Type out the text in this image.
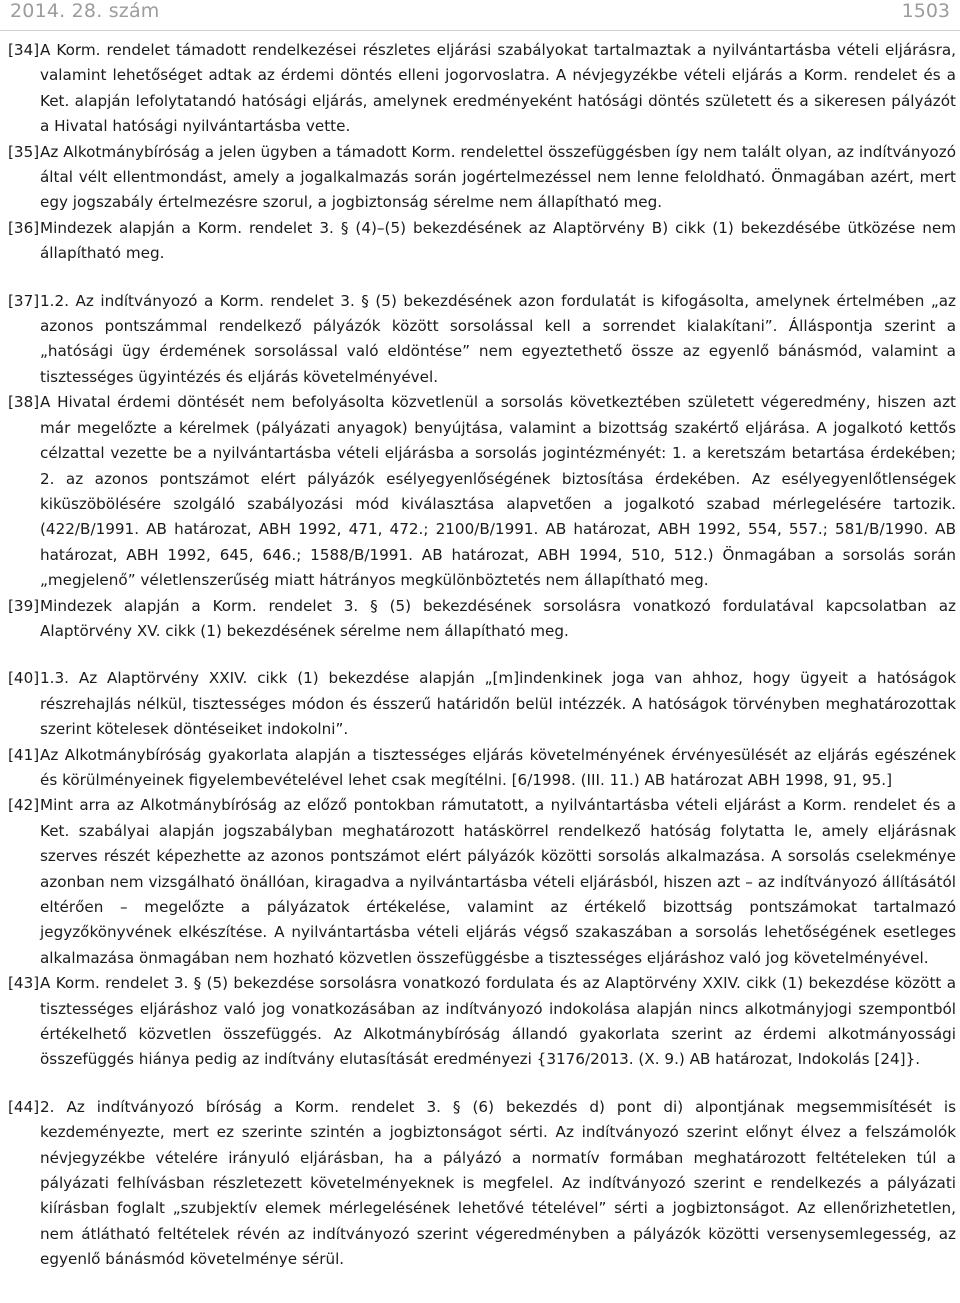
2014. 28. szám	1503
[34] A Korm. rendelet támadott rendelkezései részletes eljárási szabályokat tartalmaztak a nyilvántartásba vételi eljárásra, valamint lehetőséget adtak az érdemi döntés elleni jogorvoslatra. A névjegyzékbe vételi eljárás a Korm. rendelet és a Ket. alapján lefolytatandó hatósági eljárás, amelynek eredményeként hatósági döntés született és a sikeresen pályázót a Hivatal hatósági nyilvántartásba vette.
[35] Az Alkotmánybíróság a jelen ügyben a támadott Korm. rendelettel összefüggésben így nem talált olyan, az indítványozó által vélt ellentmondást, amely a jogalkalmazás során jogértelmezéssel nem lenne feloldható. Önmagában azért, mert egy jogszabály értelmezésre szorul, a jogbiztonság sérelme nem állapítható meg.
[36] Mindezek alapján a Korm. rendelet 3. § (4)–(5) bekezdésének az Alaptörvény B) cikk (1) bekezdésébe ütközése nem állapítható meg.
[37] 1.2. Az indítványozó a Korm. rendelet 3. § (5) bekezdésének azon fordulatát is kifogásolta, amelynek értelmében „az azonos pontszámmal rendelkező pályázók között sorsolással kell a sorrendet kialakítani”. Álláspontja szerint a „hatósági ügy érdemének sorsolással való eldöntése” nem egyeztethető össze az egyenlő bánásmód, valamint a tisztességes ügyintézés és eljárás követelményével.
[38] A Hivatal érdemi döntését nem befolyásolta közvetlenül a sorsolás következtében született végeredmény, hiszen azt már megelőzte a kérelmek (pályázati anyagok) benyújtása, valamint a bizottság szakértő eljárása. A jogalkotó kettős célzattal vezette be a nyilvántartásba vételi eljárásba a sorsolás jogintézményét: 1. a keretszám betartása érdekében; 2. az azonos pontszámot elért pályázók esélyegyenlőségének biztosítása érdekében. Az esélyegyenlőtlenségek kiküszöbölésére szolgáló szabályozási mód kiválasztása alapvetően a jogalkotó szabad mérlegelésére tartozik. (422/B/1991. AB határozat, ABH 1992, 471, 472.; 2100/B/1991. AB határozat, ABH 1992, 554, 557.; 581/B/1990. AB határozat, ABH 1992, 645, 646.; 1588/B/1991. AB határozat, ABH 1994, 510, 512.) Önmagában a sorsolás során „megjelenő” véletlenszerűség miatt hátrányos megkülönböztetés nem állapítható meg.
[39] Mindezek alapján a Korm. rendelet 3. § (5) bekezdésének sorsolásra vonatkozó fordulatával kapcsolatban az Alaptörvény XV. cikk (1) bekezdésének sérelme nem állapítható meg.
[40] 1.3. Az Alaptörvény XXIV. cikk (1) bekezdése alapján „[m]indenkinek joga van ahhoz, hogy ügyeit a hatóságok részrehajlás nélkül, tisztességes módon és ésszerű határidőn belül intézzék. A hatóságok törvényben meghatározottak szerint kötelesek döntéseiket indokolni”.
[41] Az Alkotmánybíróság gyakorlata alapján a tisztességes eljárás követelményének érvényesülését az eljárás egészének és körülményeinek figyelembevételével lehet csak megítélni. [6/1998. (III. 11.) AB határozat ABH 1998, 91, 95.]
[42] Mint arra az Alkotmánybíróság az előző pontokban rámutatott, a nyilvántartásba vételi eljárást a Korm. rendelet és a Ket. szabályai alapján jogszabályban meghatározott hatáskörrel rendelkező hatóság folytatta le, amely eljárásnak szerves részét képezhette az azonos pontszámot elért pályázók közötti sorsolás alkalmazása. A sorsolás cselekménye azonban nem vizsgálható önállóan, kiragadva a nyilvántartásba vételi eljárásból, hiszen azt – az indítványozó állításától eltérően – megelőzte a pályázatok értékelése, valamint az értékelő bizottság pontszámokat tartalmazó jegyzőkönyvének elkészítése. A nyilvántartásba vételi eljárás végső szakaszában a sorsolás lehetőségének esetleges alkalmazása önmagában nem hozható közvetlen összefüggésbe a tisztességes eljáráshoz való jog követelményével.
[43] A Korm. rendelet 3. § (5) bekezdése sorsolásra vonatkozó fordulata és az Alaptörvény XXIV. cikk (1) bekezdése között a tisztességes eljáráshoz való jog vonatkozásában az indítványozó indokolása alapján nincs alkotmányjogi szempontból értékelhető közvetlen összefüggés. Az Alkotmánybíróság állandó gyakorlata szerint az érdemi alkotmányossági összefüggés hiánya pedig az indítvány elutasítását eredményezi {3176/2013. (X. 9.) AB határozat, Indokolás [24]}.
[44] 2. Az indítványozó bíróság a Korm. rendelet 3. § (6) bekezdés d) pont di) alpontjának megsemmisítését is kezdeményezte, mert ez szerinte szintén a jogbiztonságot sérti. Az indítványozó szerint előnyt élvez a felszámolók névjegyzékbe vételére irányuló eljárásban, ha a pályázó a normatív formában meghatározott feltételeken túl a pályázati felhívásban részletezett követelményeknek is megfelel. Az indítványozó szerint e rendelkezés a pályázati kiírásban foglalt „szubjektív elemek mérlegelésének lehetővé tételével” sérti a jogbiztonságot. Az ellenőrizhetetlen, nem átlátható feltételek révén az indítványozó szerint végeredményben a pályázók közötti versenysemlegesség, az egyenlő bánásmód követelménye sérül.
